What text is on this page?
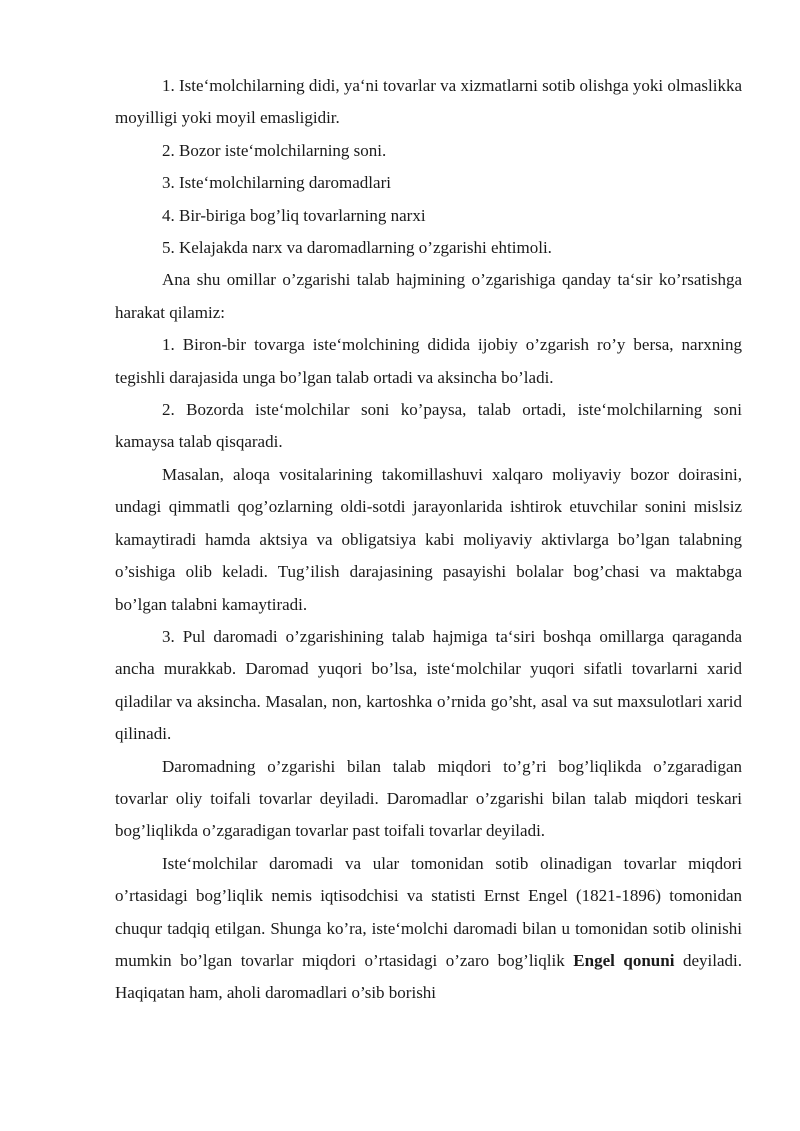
1. Iste‘molchilarning didi, ya‘ni tovarlar va xizmatlarni sotib olishga yoki olmaslikka moyilligi yoki moyil emasligidir.

2. Bozor iste‘molchilarning soni.

3. Iste‘molchilarning daromadlari

4. Bir-biriga bog’liq tovarlarning narxi

5. Kelajakda narx va daromadlarning o’zgarishi ehtimoli.

Ana shu omillar o’zgarishi talab hajmining o’zgarishiga qanday ta‘sir ko’rsatishga harakat qilamiz:

1. Biron-bir tovarga iste‘molchining didida ijobiy o’zgarish ro’y bersa, narxning tegishli darajasida unga bo’lgan talab ortadi va aksincha bo’ladi.

2. Bozorda iste‘molchilar soni ko’paysa, talab ortadi, iste‘molchilarning soni kamaysa talab qisqaradi.

Masalan, aloqa vositalarining takomillashuvi xalqaro moliyaviy bozor doirasini, undagi qimmatli qog’ozlarning oldi-sotdi jarayonlarida ishtirok etuvchilar sonini mislsiz kamaytiradi hamda aktsiya va obligatsiya kabi moliyaviy aktivlarga bo’lgan talabning o’sishiga olib keladi. Tug’ilish darajasining pasayishi bolalar bog’chasi va maktabga bo’lgan talabni kamaytiradi.

3. Pul daromadi o’zgarishining talab hajmiga ta‘siri boshqa omillarga qaraganda ancha murakkab. Daromad yuqori bo’lsa, iste‘molchilar yuqori sifatli tovarlarni xarid qiladilar va aksincha. Masalan, non, kartoshka o’rnida go’sht, asal va sut maxsulotlari xarid qilinadi.

Daromadning o’zgarishi bilan talab miqdori to’g’ri bog’liqlikda o’zgaradigan tovarlar oliy toifali tovarlar deyiladi. Daromadlar o’zgarishi bilan talab miqdori teskari bog’liqlikda o’zgaradigan tovarlar past toifali tovarlar deyiladi.

Iste‘molchilar daromadi va ular tomonidan sotib olinadigan tovarlar miqdori o’rtasidagi bog’liqlik nemis iqtisodchisi va statisti Ernst Engel (1821-1896) tomonidan chuqur tadqiq etilgan. Shunga ko’ra, iste‘molchi daromadi bilan u tomonidan sotib olinishi mumkin bo’lgan tovarlar miqdori o’rtasidagi o’zaro bog’liqlik Engel qonuni deyiladi. Haqiqatan ham, aholi daromadlari o’sib borishi
